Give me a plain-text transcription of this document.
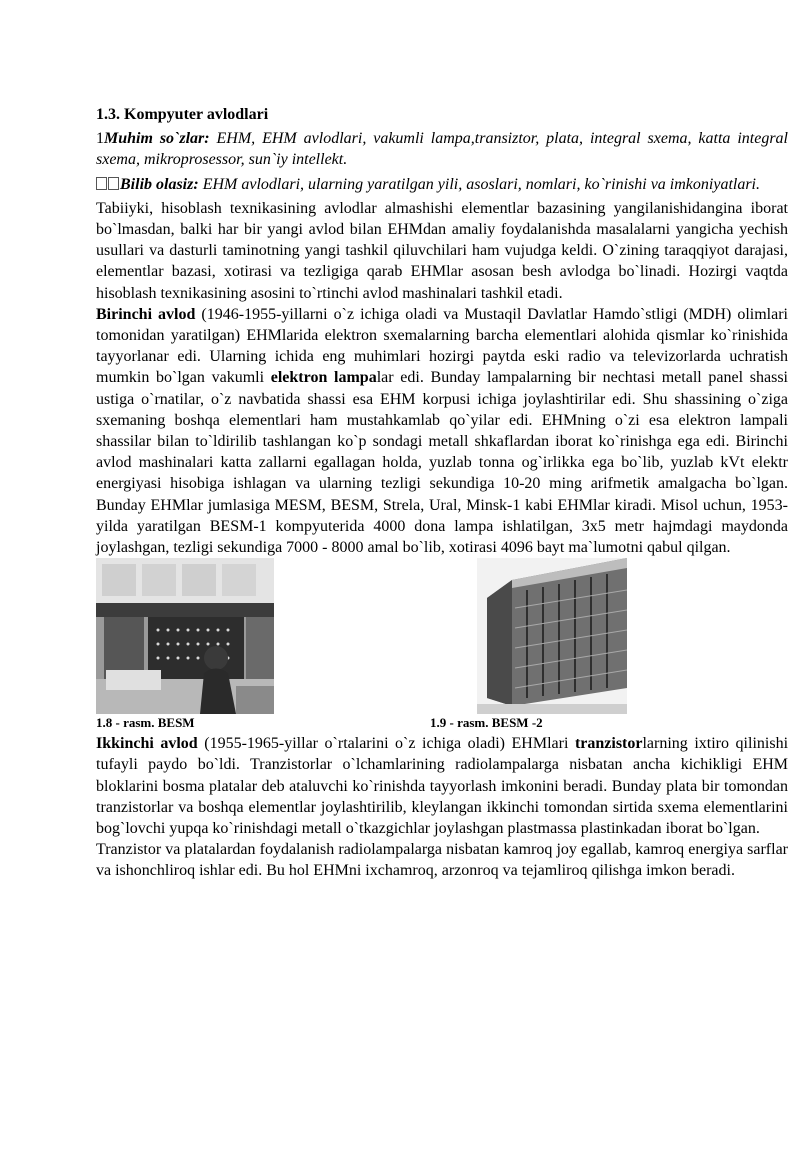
1.3. Kompyuter avlodlari

1Muhim so`zlar: EHM, EHM avlodlari, vakumli lampa,transiztor, plata, integral sxema, katta integral sxema, mikroprosessor, sun`iy intellekt.

Bilib olasiz: EHM avlodlari, ularning yaratilgan yili, asoslari, nomlari, ko`rinishi va imkoniyatlari.

Tabiiyki, hisoblash texnikasining avlodlar almashishi elementlar bazasining yangilanishidangina iborat bo`lmasdan, balki har bir yangi avlod bilan EHMdan amaliy foydalanishda masalalarni yangicha yechish usullari va dasturli taminotning yangi tashkil qiluvchilari ham vujudga keldi. O`zining taraqqiyot darajasi, elementlar bazasi, xotirasi va tezligiga qarab EHMlar asosan besh avlodga bo`linadi. Hozirgi vaqtda hisoblash texnikasining asosini to`rtinchi avlod mashinalari tashkil etadi.

Birinchi avlod (1946-1955-yillarni o`z ichiga oladi va Mustaqil Davlatlar Hamdo`stligi (MDH) olimlari tomonidan yaratilgan) EHMlarida elektron sxemalarning barcha elementlari alohida qismlar ko`rinishida tayyorlanar edi. Ularning ichida eng muhimlari hozirgi paytda eski radio va televizorlarda uchratish mumkin bo`lgan vakumli elektron lampalar edi. Bunday lampalarning bir nechtasi metall panel shassi ustiga o`rnatilar, o`z navbatida shassi esa EHM korpusi ichiga joylashtirilar edi. Shu shassining o`ziga sxemaning boshqa elementlari ham mustahkamlab qo`yilar edi. EHMning o`zi esa elektron lampali shassilar bilan to`ldirilib tashlangan ko`p sondagi metall shkaflardan iborat ko`rinishga ega edi. Birinchi avlod mashinalari katta zallarni egallagan holda, yuzlab tonna og`irlikka ega bo`lib, yuzlab kVt elektr energiyasi hisobiga ishlagan va ularning tezligi sekundiga 10-20 ming arifmetik amalgacha bo`lgan. Bunday EHMlar jumlasiga MESM, BESM, Strela, Ural, Minsk-1 kabi EHMlar kiradi. Misol uchun, 1953-yilda yaratilgan BESM-1 kompyuterida 4000 dona lampa ishlatilgan, 3x5 metr hajmdagi maydonda joylashgan, tezligi sekundiga 7000 - 8000 amal bo`lib, xotirasi 4096 bayt ma`lumotni qabul qilgan.

1.8 - rasm. BESM	1.9 - rasm. BESM -2

Ikkinchi avlod (1955-1965-yillar o`rtalarini o`z ichiga oladi) EHMlari tranzistorlarning ixtiro qilinishi tufayli paydo bo`ldi. Tranzistorlar o`lchamlarining radiolampalarga nisbatan ancha kichikligi EHM bloklarini bosma platalar deb ataluvchi ko`rinishda tayyorlash imkonini beradi. Bunday plata bir tomondan tranzistorlar va boshqa elementlar joylashtirilib, kleylangan ikkinchi tomondan sirtida sxema elementlarini bog`lovchi yupqa ko`rinishdagi metall o`tkazgichlar joylashgan plastmassa plastinkadan iborat bo`lgan.

Tranzistor va platalardan foydalanish radiolampalarga nisbatan kamroq joy egallab, kamroq energiya sarflar va ishonchliroq ishlar edi. Bu hol EHMni ixchamroq, arzonroq va tejamliroq qilishga imkon beradi.
